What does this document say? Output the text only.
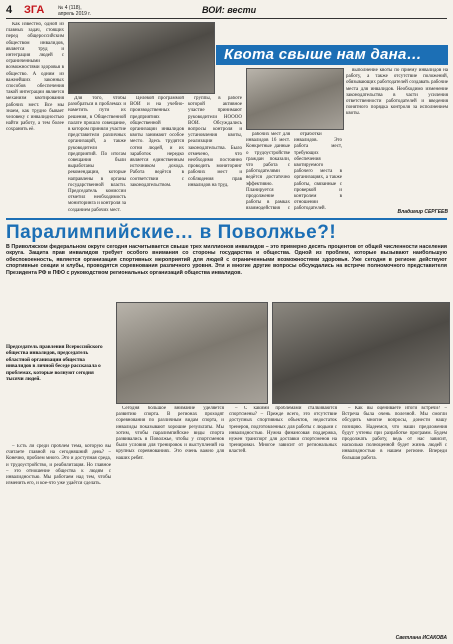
4 ЗГА	№ 4 (118),
апрель 2019 г.	ВОИ: вести

Как известно, одной из главных задач, стоящих перед общероссийским обществом инвалидов, является труд и интеграция людей с ограниченными возможностями здоровья в общество. А одним из важнейших законных способов обеспечения такой интеграции является механизм квотирования рабочих мест. Все мы знаем, как трудно бывает человеку с инвалидностью найти работу, а тем более сохранить её.

Для того, чтобы разобраться в проблемах и наметить пути их решения, в Общественной палате прошло совещание, в котором приняли участие представители различных организаций, а также руководители предприятий. По итогам совещания были выработаны рекомендации, которые направлены в органы государственной власти. Председатель комиссии отметил необходимость мониторинга и контроля за созданием рабочих мест.

Квота свыше нам дана…

Целевой программой ВОИ и на учебно-производственных предприятиях общественной организации инвалидов квоты занимают особое место. Здесь трудятся сотни людей, и их заработок нередко является единственным источником дохода. Работа ведётся в соответствии с законодательством.

группы, в работе которой активное участие принимают руководители НОООО ВОИ. Обсуждались вопросы контроля и установления квоты, реализации законодательства. Было отмечено, что необходимо постоянно проводить мониторинг рабочих мест и соблюдения прав инвалидов на труд.

рабочих мест для инвалидов 16 мест. Конкретные данные о трудоустройстве граждан показали, что работа с работодателями ведётся достаточно эффективно. Планируется продолжение работы в рамках взаимодействия с

отработки инвалидов. Это работа мест, требующих обеспечения квотируемого рабочего места в организациях, а также работы, связанные с проверкой и контролем в отношении работодателей.

выполнение квоты по приёму инвалидов на работу, а также отсутствие положений, обязывающих работодателей создавать рабочие места для инвалидов. Необходимо изменение законодательства в части усиления ответственности работодателей и введения понятного порядка контроля за исполнением квоты.

Владимир СЕРГЕЕВ
Паралимпийские… в Поволжье?!
В Приволжском федеральном округе сегодня насчитывается свыше трех миллионов инвалидов – это примерно десять процентов от общей численности населения округа. Защита прав инвалидов требует особого внимания со стороны государства и общества. Одной из проблем, которые вызывают наибольшую обеспокоенность, является организация спортивных мероприятий для людей с ограниченными возможностями здоровья. Уже сегодня в регионе действуют спортивные секции и клубы, проводятся соревнования различного уровня. Эти и многие другие вопросы обсуждались на встрече полномочного представителя Президента РФ в ПФО с руководством региональных организаций общества инвалидов.
Председатель правления Всероссийского общества инвалидов, председатель областной организации общества инвалидов в личной беседе рассказала о проблемах, которые волнуют сегодня тысячи людей.

– Есть ли среди проблем тема, которую вы считаете главной на сегодняшний день? – Конечно, проблем много. Это и доступная среда, и трудоустройство, и реабилитация. Но главное – это отношение общества к людям с инвалидностью. Мы работаем над тем, чтобы изменить его, и кое-что уже удаётся сделать.

Сегодня большое внимание уделяется развитию спорта. В регионах проходят соревнования по различным видам спорта, и инвалиды показывают хорошие результаты. Мы хотим, чтобы паралимпийские виды спорта развивались в Поволжье, чтобы у спортсменов были условия для тренировок и выступлений на крупных соревнованиях. Это очень важно для наших ребят.

– С какими проблемами сталкиваются спортсмены? – Прежде всего, это отсутствие доступных спортивных объектов, недостаток тренеров, подготовленных для работы с людьми с инвалидностью. Нужна финансовая поддержка, нужен транспорт для доставки спортсменов на тренировки. Многое зависит от региональных властей.

– Как вы оцениваете итоги встречи? – Встреча была очень полезной. Мы смогли обсудить многие вопросы, донести нашу позицию. Надеемся, что наши предложения будут учтены при разработке программ. Будем продолжать работу, ведь от нас зависит, насколько полноценной будет жизнь людей с инвалидностью в нашем регионе. Впереди большая работа.

Светлана ИСАКОВА
